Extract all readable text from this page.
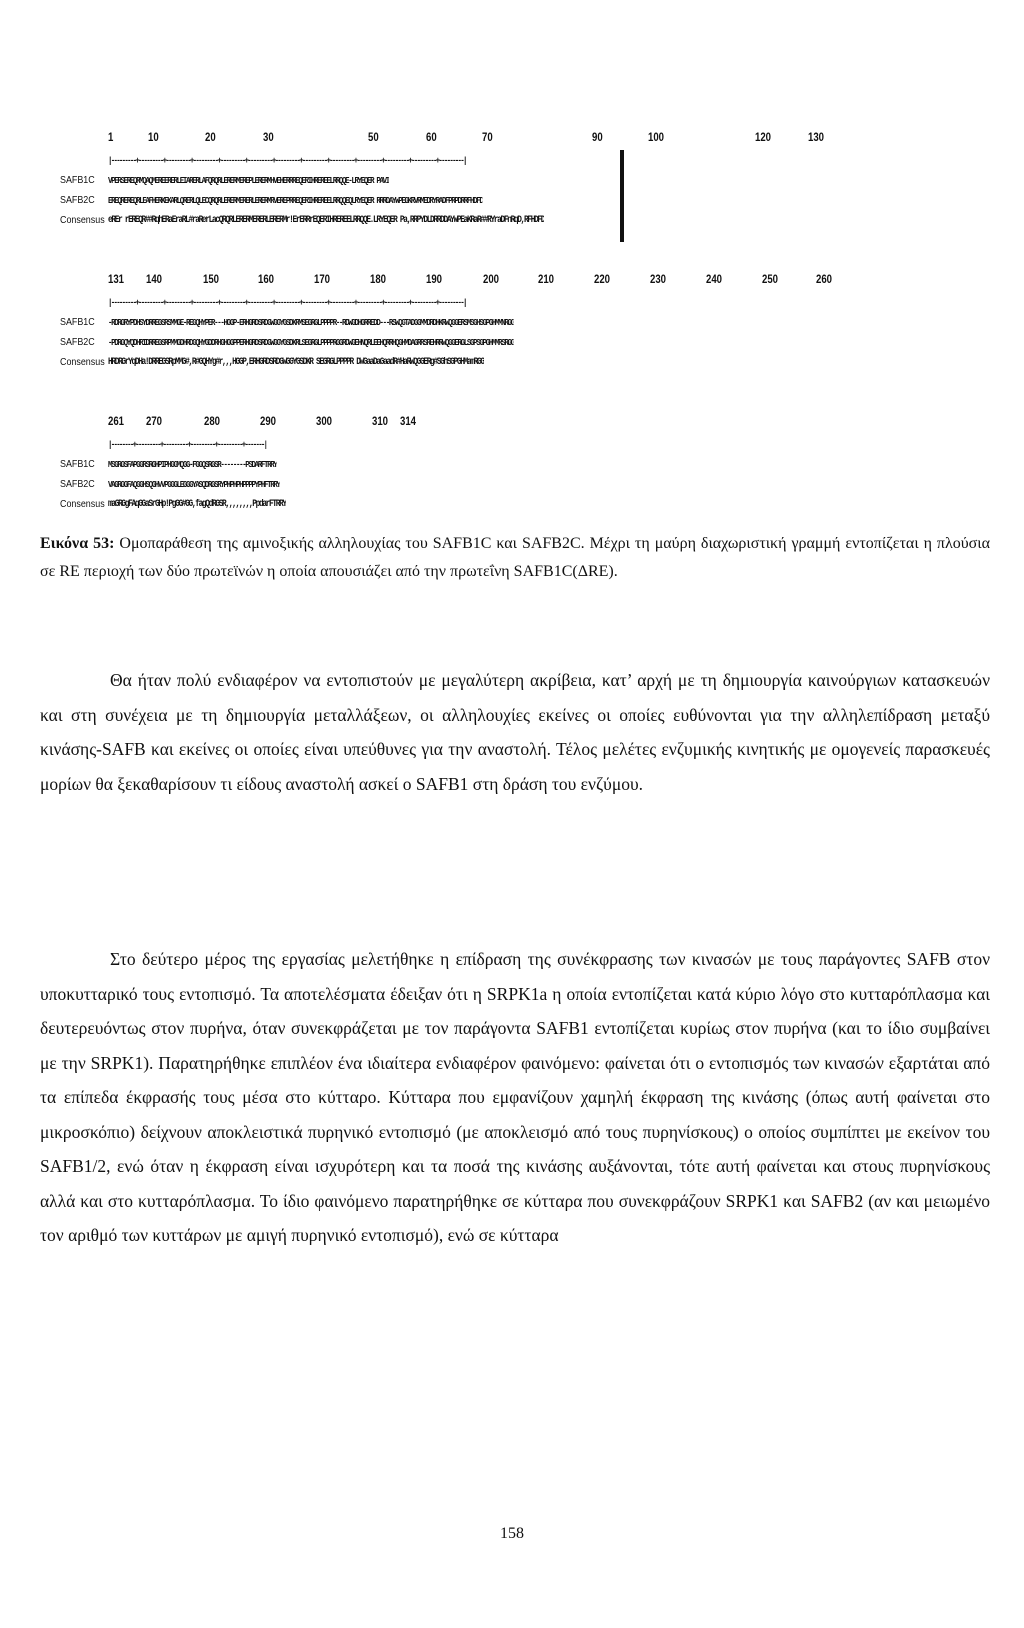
1	10	20	30	50	60	70	90	100	120	130
|---------+---------+---------+---------+---------+---------+---------+---------+---------+---------+---------+---------+---------|
SAFB1C	VPERSEREQRMQAQMEREERERLEIARERLAFQRQRLERERMEREPLERERMHVEHERRREQERIHREREELRRQQE-LRYEQER PAVI
SAFB2C	EREQREREQRLEAFHERKEKARLQRERLQLECQRQRLERERMERERLERERMRVEREPRREQERIHREREELRRQQEQLRYEQER RRRDAYWPEGKRVRMEDRYRADFPRPDRRFHDFD
Consensus eREr rEREQR##RqhERaEraRL#raRerLacQRQRLERERMERERLERERMr!ErERRrEQERIHREREELRRQQE.LRYEQER Pa,RRPYDLDRRDDAYWPEaKRaR##RYraDFnRqD,RFHDFD
131 140	150	160	170	180	190	200	210	220	230	240	250	260
|---------+---------+---------+---------+---------+---------+---------+---------+---------+---------+---------+---------+---------|
SAFB1C	-RDRGRYPDHSYDRREGSRSMMGE-REGQHYPER---HGGP-ERHGRDSRDGWGGYGSDKRMSEGRGLPPPPR--RDWGDHGRREDD---RSWQGTADGGMMDRDHKRWQGGERSMSGHSGPGHMMNRGG
SAFB2C	-PDRGQYQDHRIDRREGSRPMMGDHRDGQHYGDDRHGHGGPPERHGRDSRDGWGGYGSDKRLSEGRGLPPPPRGGRDWGEHNQRLEEHQRRHQGHMDAGRRSREHRRWQGGERGLSGPSGPGHMMRSRGG
Consensus HRDRGrYqDHa!DRREGSRpMMG#,R#GQHYg#r,,,HGGP,ERHGRDSRDGWGGYGSDKR SEGRGLPPPPR DWGaaDaGaadR#HaRWQGGERg#SGhSGPGHMamRGG
261 270	280	290	300	310 314
|--------+---------+---------+---------+---------+-------|
SAFB1C	MSGRGSFAPGGRSRGHPIPHGGMQGG-FGGQSRGSR--------PSDARFTRRY
SAFB2C	VAGRGGFAQGGHSQGHVVPGGGLEGGGYASQDRGSRYPHPHPHPPPPYPHFTRRY
Consensus maGRGgFAqGGaSrGHp!PgGG#GG,fagQdRGSR,,,,,,,,PpdarFTRRY
Εικόνα 53: Ομοπαράθεση της αμινοξικής αλληλουχίας του SAFB1C και SAFB2C. Μέχρι τη μαύρη διαχωριστική γραμμή εντοπίζεται η πλούσια σε RE περιοχή των δύο πρωτεϊνών η οποία απουσιάζει από την πρωτεΐνη SAFB1C(ΔRE).
Θα ήταν πολύ ενδιαφέρον να εντοπιστούν με μεγαλύτερη ακρίβεια, κατ’ αρχή με τη δημιουργία καινούργιων κατασκευών και στη συνέχεια με τη δημιουργία μεταλλάξεων, οι αλληλουχίες εκείνες οι οποίες ευθύνονται για την αλληλεπίδραση μεταξύ κινάσης-SAFB και εκείνες οι οποίες είναι υπεύθυνες για την αναστολή. Τέλος μελέτες ενζυμικής κινητικής με ομογενείς παρασκευές μορίων θα ξεκαθαρίσουν τι είδους αναστολή ασκεί ο SAFB1 στη δράση του ενζύμου.
Στο δεύτερο μέρος της εργασίας μελετήθηκε η επίδραση της συνέκφρασης των κινασών με τους παράγοντες SAFB στον υποκυτταρικό τους εντοπισμό. Τα αποτελέσματα έδειξαν ότι η SRPK1a η οποία εντοπίζεται κατά κύριο λόγο στο κυτταρόπλασμα και δευτερευόντως στον πυρήνα, όταν συνεκφράζεται με τον παράγοντα SAFB1 εντοπίζεται κυρίως στον πυρήνα (και το ίδιο συμβαίνει με την SRPK1). Παρατηρήθηκε επιπλέον ένα ιδιαίτερα ενδιαφέρον φαινόμενο: φαίνεται ότι ο εντοπισμός των κινασών εξαρτάται από τα επίπεδα έκφρασής τους μέσα στο κύτταρο. Κύτταρα που εμφανίζουν χαμηλή έκφραση της κινάσης (όπως αυτή φαίνεται στο μικροσκόπιο) δείχνουν αποκλειστικά πυρηνικό εντοπισμό (με αποκλεισμό από τους πυρηνίσκους) ο οποίος συμπίπτει με εκείνον του SAFB1/2, ενώ όταν η έκφραση είναι ισχυρότερη και τα ποσά της κινάσης αυξάνονται, τότε αυτή φαίνεται και στους πυρηνίσκους αλλά και στο κυτταρόπλασμα. Το ίδιο φαινόμενο παρατηρήθηκε σε κύτταρα που συνεκφράζουν SRPK1 και SAFB2 (αν και μειωμένο τον αριθμό των κυττάρων με αμιγή πυρηνικό εντοπισμό), ενώ σε κύτταρα
158
